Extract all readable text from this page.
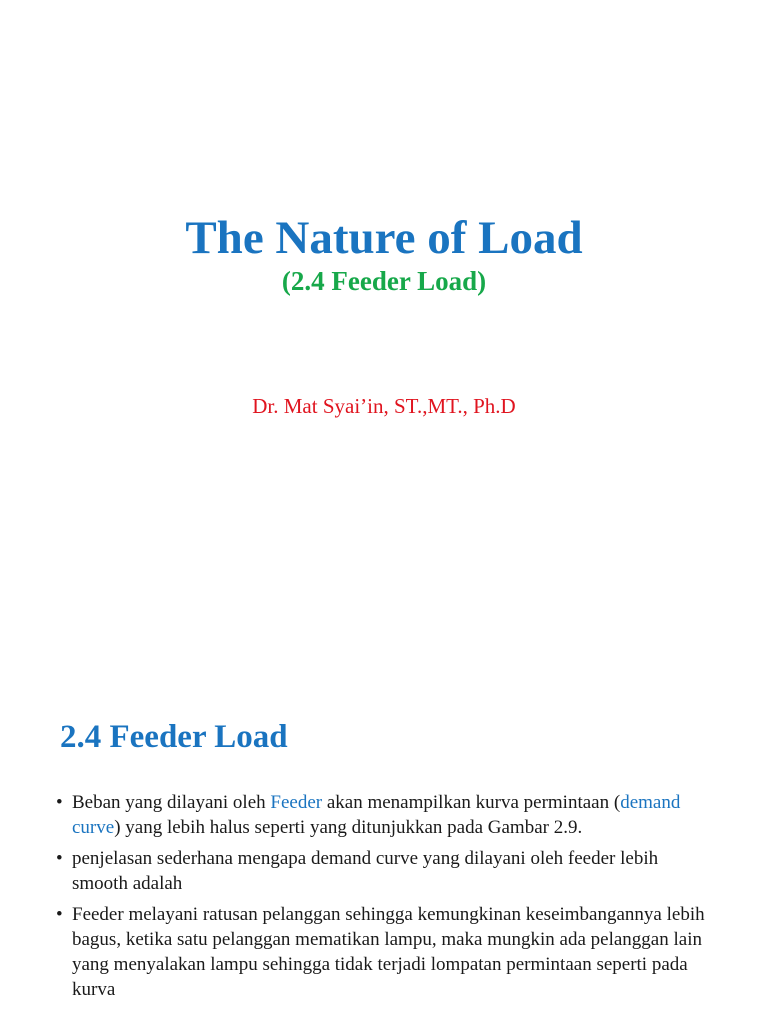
The Nature of Load
(2.4 Feeder Load)

Dr. Mat Syai’in, ST.,MT., Ph.D

2.4 Feeder Load
• Beban yang dilayani oleh Feeder akan menampilkan kurva permintaan (demand curve) yang lebih halus seperti yang ditunjukkan pada Gambar 2.9.
• penjelasan sederhana mengapa demand curve yang dilayani oleh feeder lebih smooth adalah
• Feeder melayani ratusan pelanggan sehingga kemungkinan keseimbangannya lebih bagus, ketika satu pelanggan mematikan lampu, maka mungkin ada pelanggan lain yang menyalakan lampu sehingga tidak terjadi lompatan permintaan seperti pada kurva
